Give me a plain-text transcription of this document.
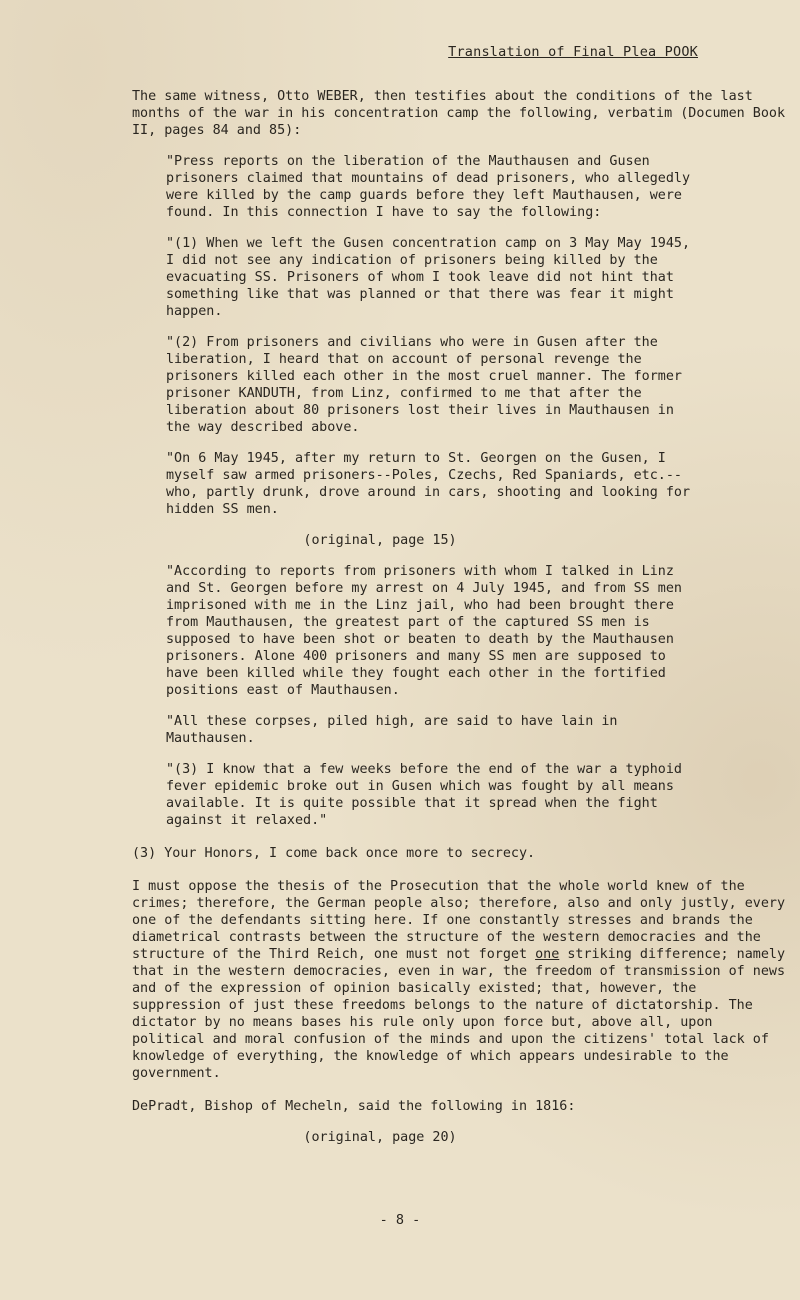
Translation of Final Plea POOK

The same witness, Otto WEBER, then testifies about the conditions of the last months of the war in his concentration camp the following, verbatim (Documen Book II, pages 84 and 85):

"Press reports on the liberation of the Mauthausen and Gusen prisoners claimed that mountains of dead prisoners, who allegedly were killed by the camp guards before they left Mauthausen, were found. In this connection I have to say the following:

"(1) When we left the Gusen concentration camp on 3 May May 1945, I did not see any indication of prisoners being killed by the evacuating SS. Prisoners of whom I took leave did not hint that something like that was planned or that there was fear it might happen.

"(2) From prisoners and civilians who were in Gusen after the liberation, I heard that on account of personal revenge the prisoners killed each other in the most cruel manner. The former prisoner KANDUTH, from Linz, confirmed to me that after the liberation about 80 prisoners lost their lives in Mauthausen in the way described above.

"On 6 May 1945, after my return to St. Georgen on the Gusen, I myself saw armed prisoners--Poles, Czechs, Red Spaniards, etc.--who, partly drunk, drove around in cars, shooting and looking for hidden SS men.

(original, page 15)

"According to reports from prisoners with whom I talked in Linz and St. Georgen before my arrest on 4 July 1945, and from SS men imprisoned with me in the Linz jail, who had been brought there from Mauthausen, the greatest part of the captured SS men is supposed to have been shot or beaten to death by the Mauthausen prisoners. Alone 400 prisoners and many SS men are supposed to have been killed while they fought each other in the fortified positions east of Mauthausen.

"All these corpses, piled high, are said to have lain in Mauthausen.

"(3) I know that a few weeks before the end of the war a typhoid fever epidemic broke out in Gusen which was fought by all means available. It is quite possible that it spread when the fight against it relaxed."

(3) Your Honors, I come back once more to secrecy.

I must oppose the thesis of the Prosecution that the whole world knew of the crimes; therefore, the German people also; therefore, also and only justly, every one of the defendants sitting here. If one constantly stresses and brands the diametrical contrasts between the structure of the western democracies and the structure of the Third Reich, one must not forget one striking difference; namely that in the western democracies, even in war, the freedom of transmission of news and of the expression of opinion basically existed; that, however, the suppression of just these freedoms belongs to the nature of dictatorship. The dictator by no means bases his rule only upon force but, above all, upon political and moral confusion of the minds and upon the citizens' total lack of knowledge of everything, the knowledge of which appears undesirable to the government.

DePradt, Bishop of Mecheln, said the following in 1816:

(original, page 20)

- 8 -
